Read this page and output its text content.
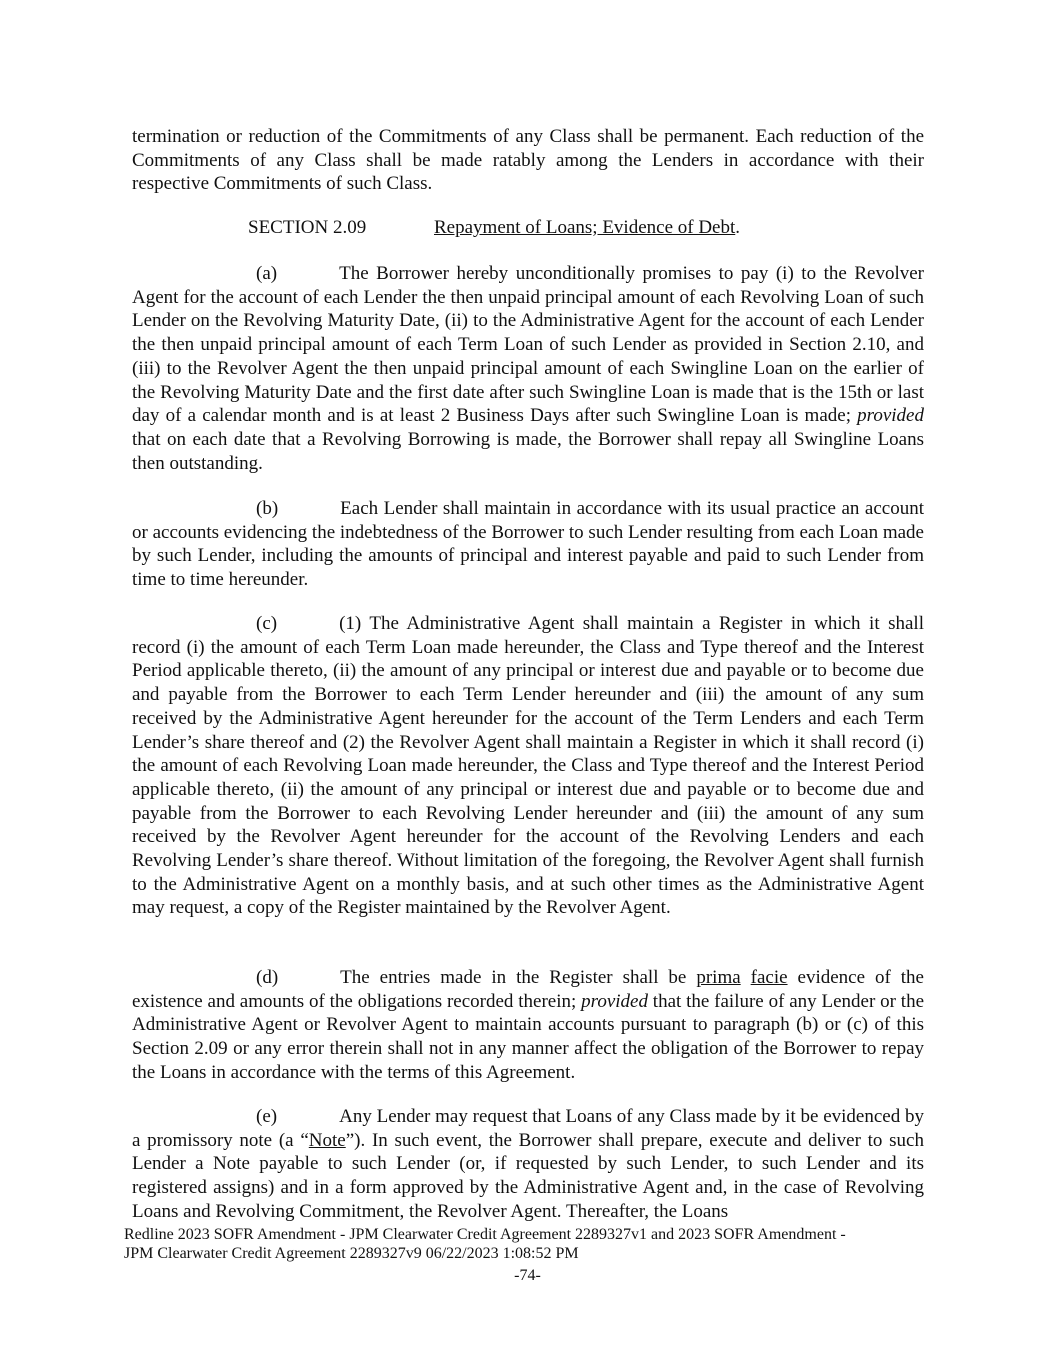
termination or reduction of the Commitments of any Class shall be permanent. Each reduction of the Commitments of any Class shall be made ratably among the Lenders in accordance with their respective Commitments of such Class.

SECTION 2.09	Repayment of Loans; Evidence of Debt.

(a)	The Borrower hereby unconditionally promises to pay (i) to the Revolver Agent for the account of each Lender the then unpaid principal amount of each Revolving Loan of such Lender on the Revolving Maturity Date, (ii) to the Administrative Agent for the account of each Lender the then unpaid principal amount of each Term Loan of such Lender as provided in Section 2.10, and (iii) to the Revolver Agent the then unpaid principal amount of each Swingline Loan on the earlier of the Revolving Maturity Date and the first date after such Swingline Loan is made that is the 15th or last day of a calendar month and is at least 2 Business Days after such Swingline Loan is made; provided that on each date that a Revolving Borrowing is made, the Borrower shall repay all Swingline Loans then outstanding.

(b)	Each Lender shall maintain in accordance with its usual practice an account or accounts evidencing the indebtedness of the Borrower to such Lender resulting from each Loan made by such Lender, including the amounts of principal and interest payable and paid to such Lender from time to time hereunder.

(c)	(1) The Administrative Agent shall maintain a Register in which it shall record (i) the amount of each Term Loan made hereunder, the Class and Type thereof and the Interest Period applicable thereto, (ii) the amount of any principal or interest due and payable or to become due and payable from the Borrower to each Term Lender hereunder and (iii) the amount of any sum received by the Administrative Agent hereunder for the account of the Term Lenders and each Term Lender’s share thereof and (2) the Revolver Agent shall maintain a Register in which it shall record (i) the amount of each Revolving Loan made hereunder, the Class and Type thereof and the Interest Period applicable thereto, (ii) the amount of any principal or interest due and payable or to become due and payable from the Borrower to each Revolving Lender hereunder and (iii) the amount of any sum received by the Revolver Agent hereunder for the account of the Revolving Lenders and each Revolving Lender’s share thereof. Without limitation of the foregoing, the Revolver Agent shall furnish to the Administrative Agent on a monthly basis, and at such other times as the Administrative Agent may request, a copy of the Register maintained by the Revolver Agent.

(d)	The entries made in the Register shall be prima facie evidence of the existence and amounts of the obligations recorded therein; provided that the failure of any Lender or the Administrative Agent or Revolver Agent to maintain accounts pursuant to paragraph (b) or (c) of this Section 2.09 or any error therein shall not in any manner affect the obligation of the Borrower to repay the Loans in accordance with the terms of this Agreement.

(e)	Any Lender may request that Loans of any Class made by it be evidenced by a promissory note (a “Note”). In such event, the Borrower shall prepare, execute and deliver to such Lender a Note payable to such Lender (or, if requested by such Lender, to such Lender and its registered assigns) and in a form approved by the Administrative Agent and, in the case of Revolving Loans and Revolving Commitment, the Revolver Agent. Thereafter, the Loans

Redline 2023 SOFR Amendment - JPM Clearwater Credit Agreement 2289327v1 and 2023 SOFR Amendment -
JPM Clearwater Credit Agreement 2289327v9 06/22/2023 1:08:52 PM
-74-
